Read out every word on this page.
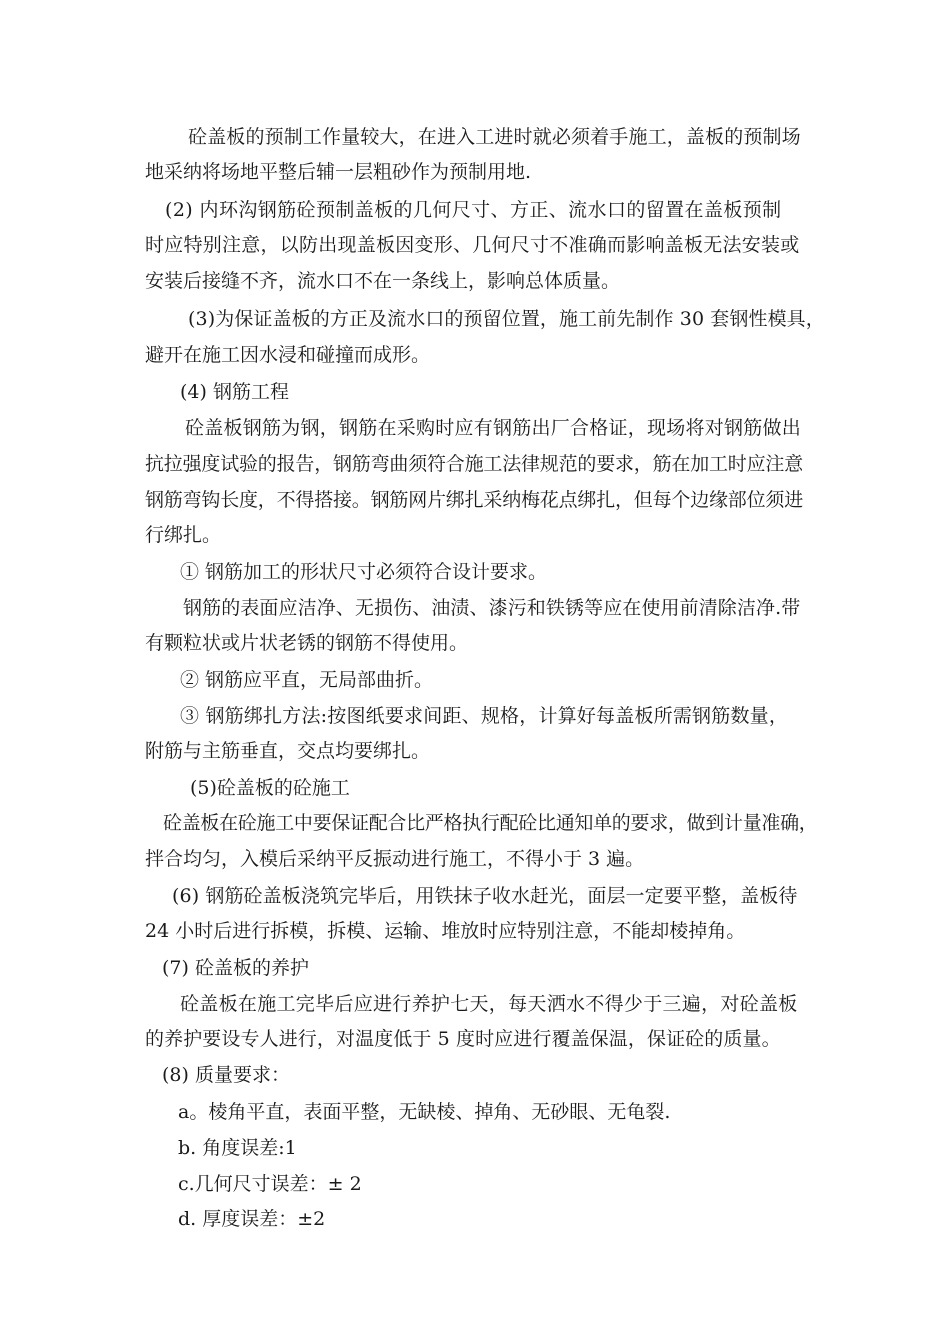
砼盖板的预制工作量较大，在进入工进时就必须着手施工，盖板的预制场
地采纳将场地平整后辅一层粗砂作为预制用地.
(2) 内环沟钢筋砼预制盖板的几何尺寸、方正、流水口的留置在盖板预制
时应特别注意，以防出现盖板因变形、几何尺寸不准确而影响盖板无法安装或
安装后接缝不齐，流水口不在一条线上，影响总体质量。
(3)为保证盖板的方正及流水口的预留位置，施工前先制作 30 套钢性模具，
避开在施工因水浸和碰撞而成形。
(4) 钢筋工程
砼盖板钢筋为钢，钢筋在采购时应有钢筋出厂合格证，现场将对钢筋做出
抗拉强度试验的报告，钢筋弯曲须符合施工法律规范的要求，筋在加工时应注意
钢筋弯钩长度，不得搭接。钢筋网片绑扎采纳梅花点绑扎，但每个边缘部位须进
行绑扎。
① 钢筋加工的形状尺寸必须符合设计要求。
钢筋的表面应洁净、无损伤、油渍、漆污和铁锈等应在使用前清除洁净.带
有颗粒状或片状老锈的钢筋不得使用。
② 钢筋应平直，无局部曲折。
③ 钢筋绑扎方法:按图纸要求间距、规格，计算好每盖板所需钢筋数量，
附筋与主筋垂直，交点均要绑扎。
(5)砼盖板的砼施工
砼盖板在砼施工中要保证配合比严格执行配砼比通知单的要求，做到计量准确，
拌合均匀，入模后采纳平反振动进行施工，不得小于 3 遍。
(6) 钢筋砼盖板浇筑完毕后，用铁抹子收水赶光，面层一定要平整，盖板待
24 小时后进行拆模，拆模、运输、堆放时应特别注意，不能却棱掉角。
(7) 砼盖板的养护
砼盖板在施工完毕后应进行养护七天，每天洒水不得少于三遍，对砼盖板
的养护要设专人进行，对温度低于 5 度时应进行覆盖保温，保证砼的质量。
(8) 质量要求：
a。棱角平直，表面平整，无缺棱、掉角、无砂眼、无龟裂.
b. 角度误差:1
c.几何尺寸误差：± 2
d. 厚度误差：±2
